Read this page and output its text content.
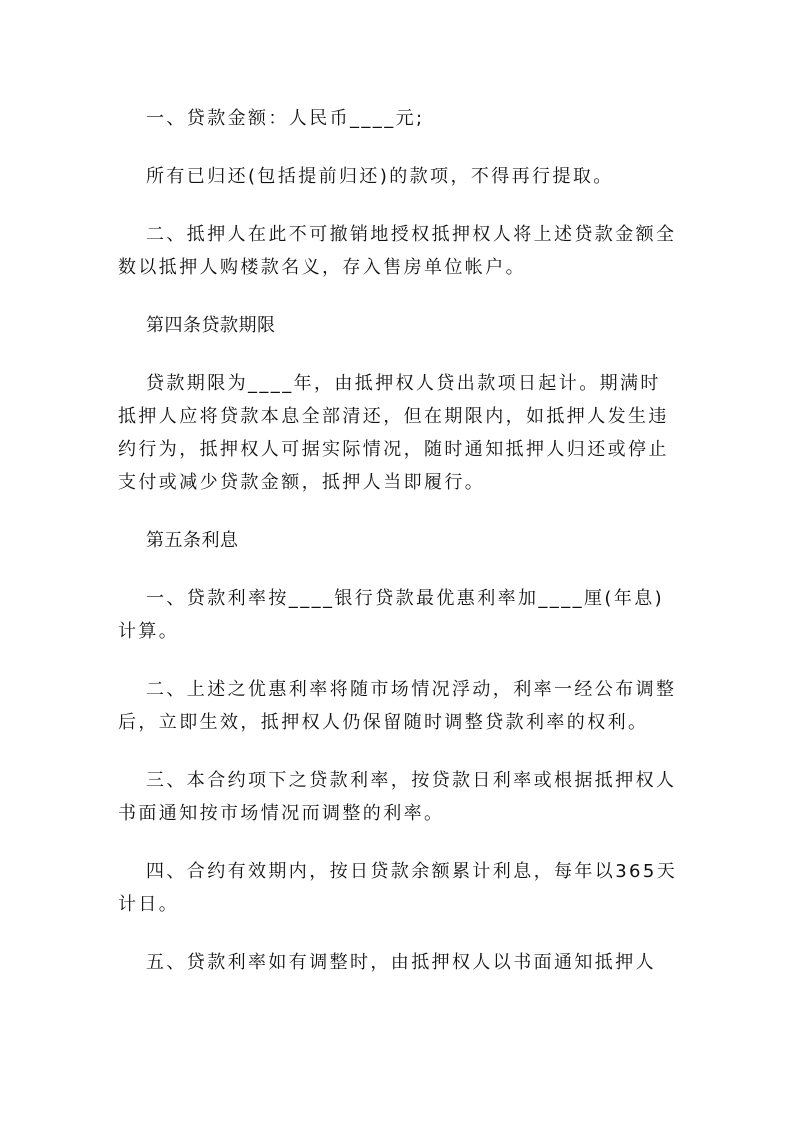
一、贷款金额：人民币____元;

所有已归还(包括提前归还)的款项，不得再行提取。

二、抵押人在此不可撤销地授权抵押权人将上述贷款金额全数以抵押人购楼款名义，存入售房单位帐户。

第四条贷款期限

贷款期限为____年，由抵押权人贷出款项日起计。期满时抵押人应将贷款本息全部清还，但在期限内，如抵押人发生违约行为，抵押权人可据实际情况，随时通知抵押人归还或停止支付或减少贷款金额，抵押人当即履行。

第五条利息

一、贷款利率按____银行贷款最优惠利率加____厘(年息)计算。

二、上述之优惠利率将随市场情况浮动，利率一经公布调整后，立即生效，抵押权人仍保留随时调整贷款利率的权利。

三、本合约项下之贷款利率，按贷款日利率或根据抵押权人书面通知按市场情况而调整的利率。

四、合约有效期内，按日贷款余额累计利息，每年以365天计日。

五、贷款利率如有调整时，由抵押权人以书面通知抵押人
